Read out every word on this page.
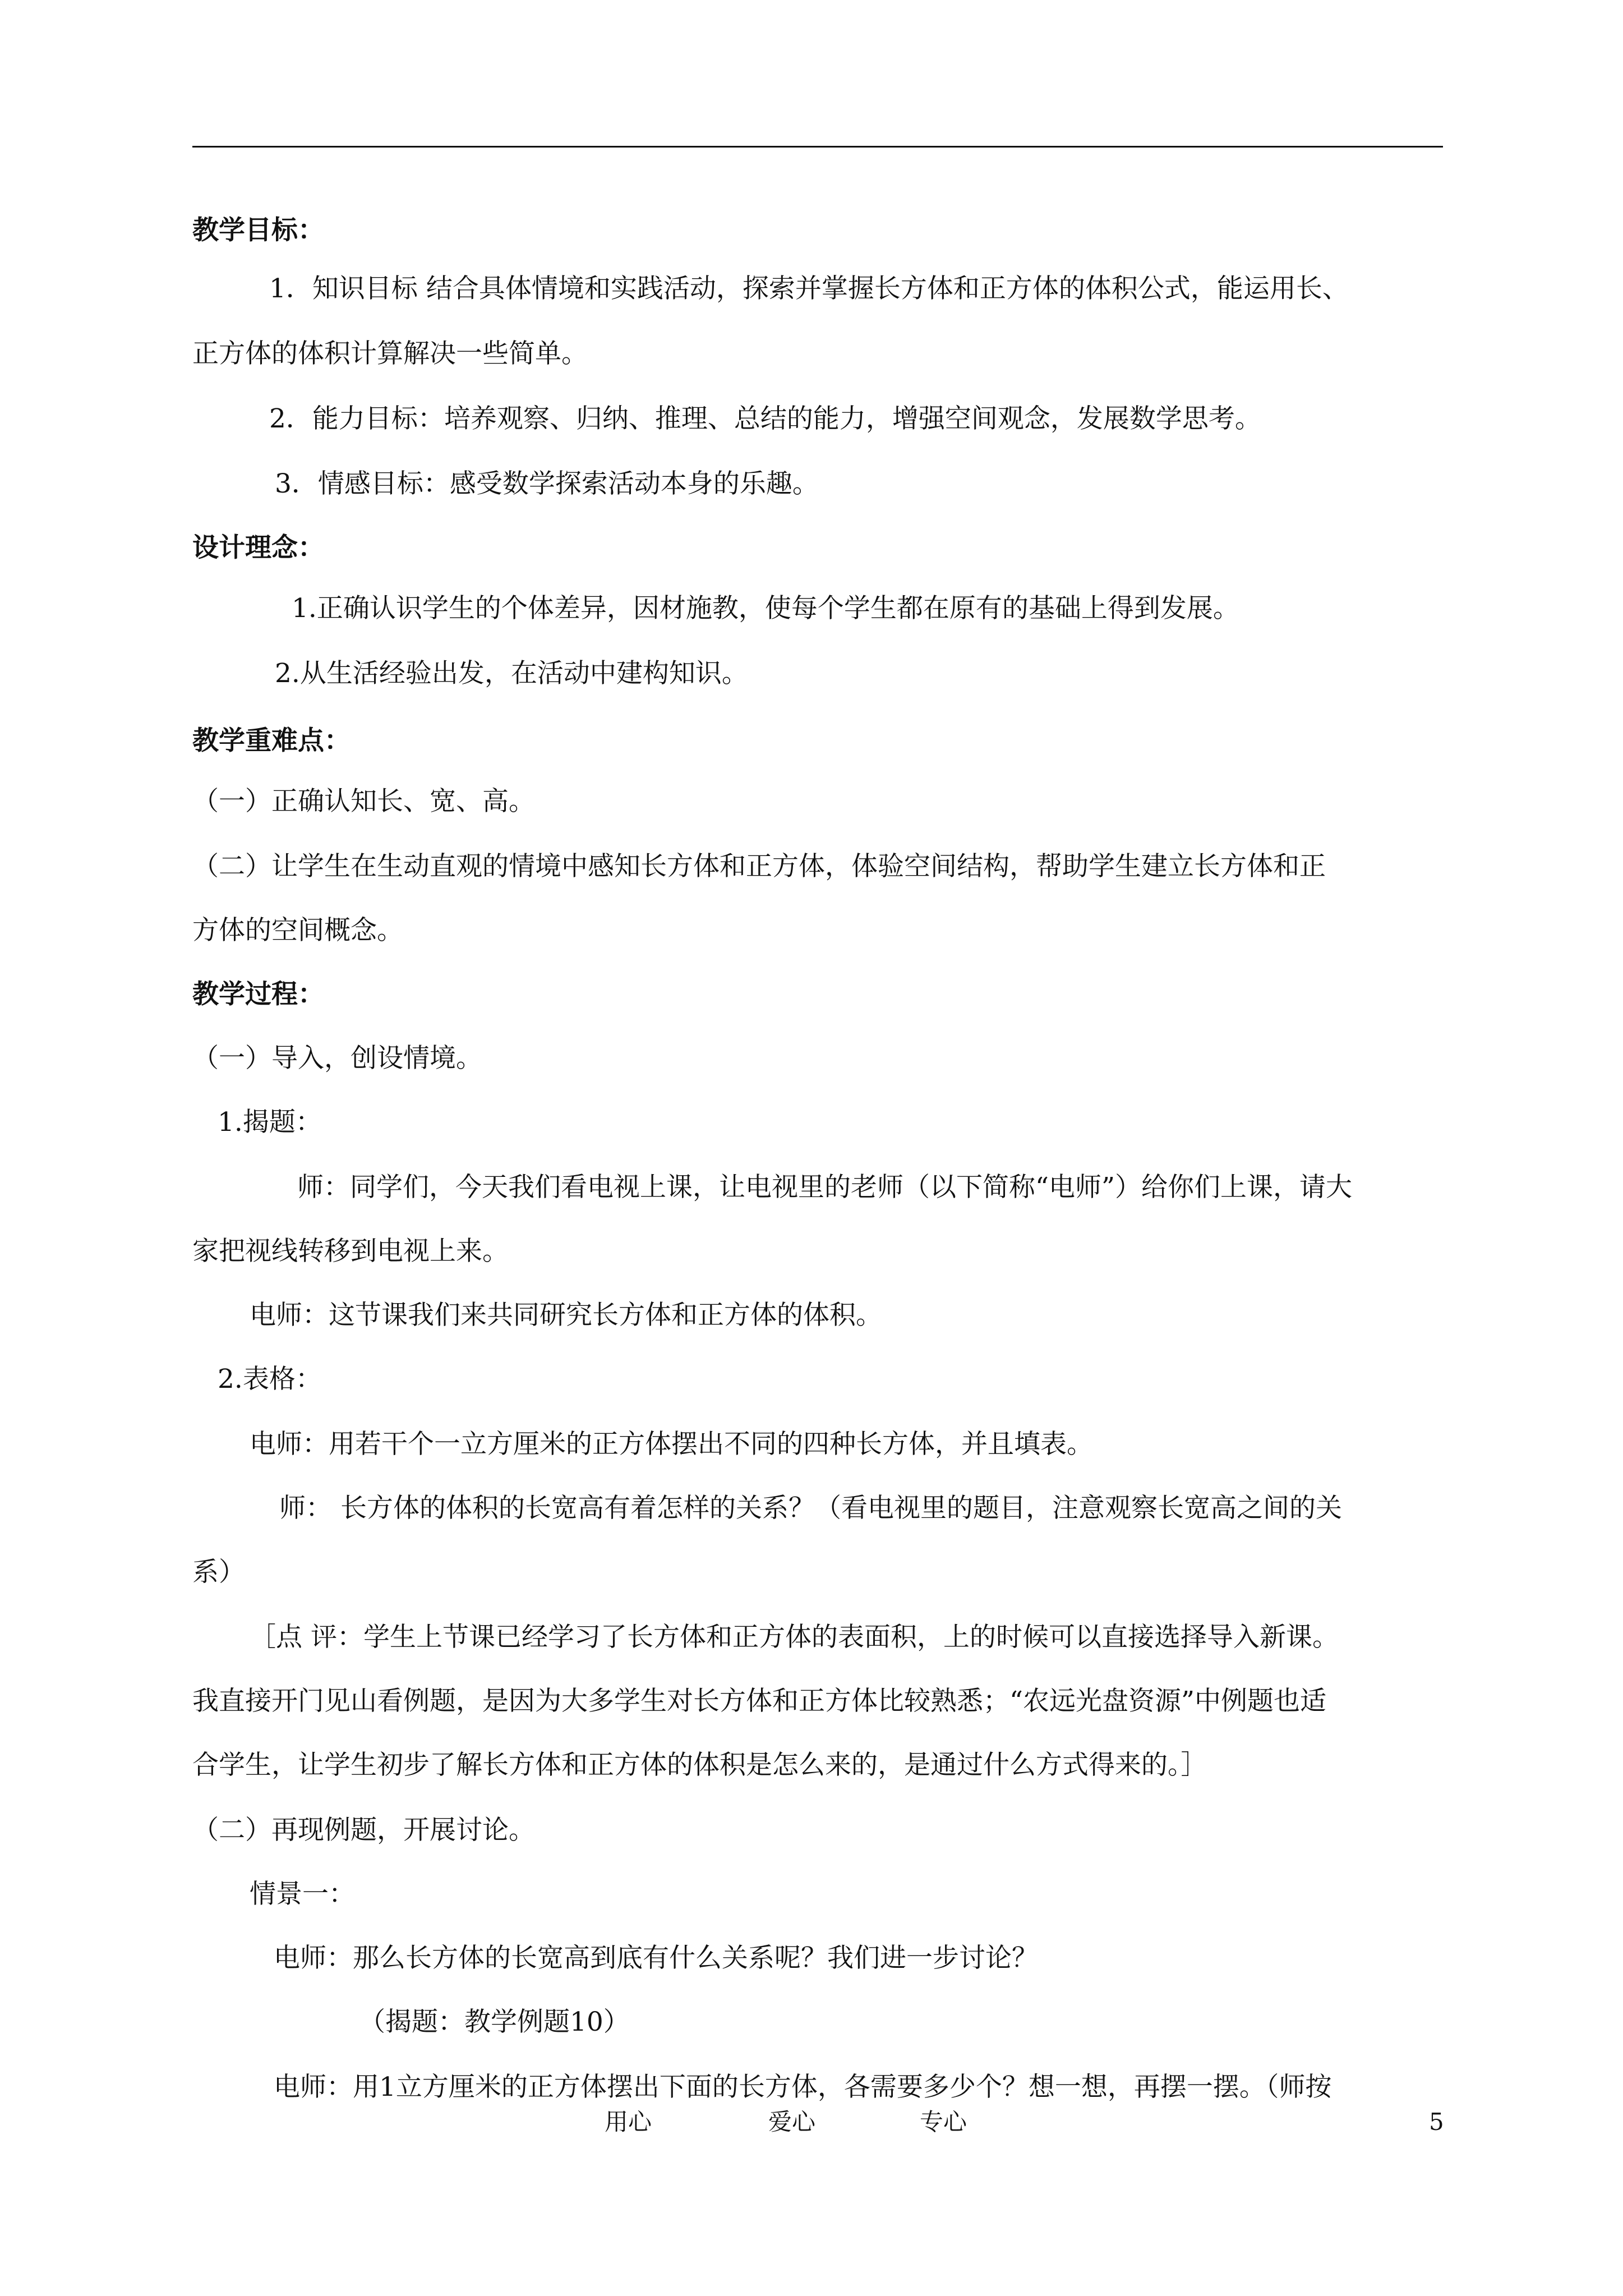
教学目标：
1．知识目标 结合具体情境和实践活动，探索并掌握长方体和正方体的体积公式，能运用长、
正方体的体积计算解决一些简单。
2．能力目标：培养观察、归纳、推理、总结的能力，增强空间观念，发展数学思考。
3．情感目标：感受数学探索活动本身的乐趣。
设计理念：
1.正确认识学生的个体差异，因材施教，使每个学生都在原有的基础上得到发展。
2.从生活经验出发，在活动中建构知识。
教学重难点：
（一）正确认知长、宽、高。
（二）让学生在生动直观的情境中感知长方体和正方体，体验空间结构，帮助学生建立长方体和正
方体的空间概念。
教学过程：
（一）导入，创设情境。
1.揭题：
师：同学们，今天我们看电视上课，让电视里的老师（以下简称“电师”）给你们上课，请大
家把视线转移到电视上来。
电师：这节课我们来共同研究长方体和正方体的体积。
2.表格：
电师：用若干个一立方厘米的正方体摆出不同的四种长方体，并且填表。
师： 长方体的体积的长宽高有着怎样的关系？（看电视里的题目，注意观察长宽高之间的关
系）
［点 评：学生上节课已经学习了长方体和正方体的表面积，上的时候可以直接选择导入新课。
我直接开门见山看例题，是因为大多学生对长方体和正方体比较熟悉；“农远光盘资源”中例题也适
合学生，让学生初步了解长方体和正方体的体积是怎么来的，是通过什么方式得来的。］
（二）再现例题，开展讨论。
情景一：
电师：那么长方体的长宽高到底有什么关系呢？我们进一步讨论？
（揭题：教学例题10）
电师：用1立方厘米的正方体摆出下面的长方体，各需要多少个？想一想，再摆一摆。（师按
用心	爱心	专心	5
